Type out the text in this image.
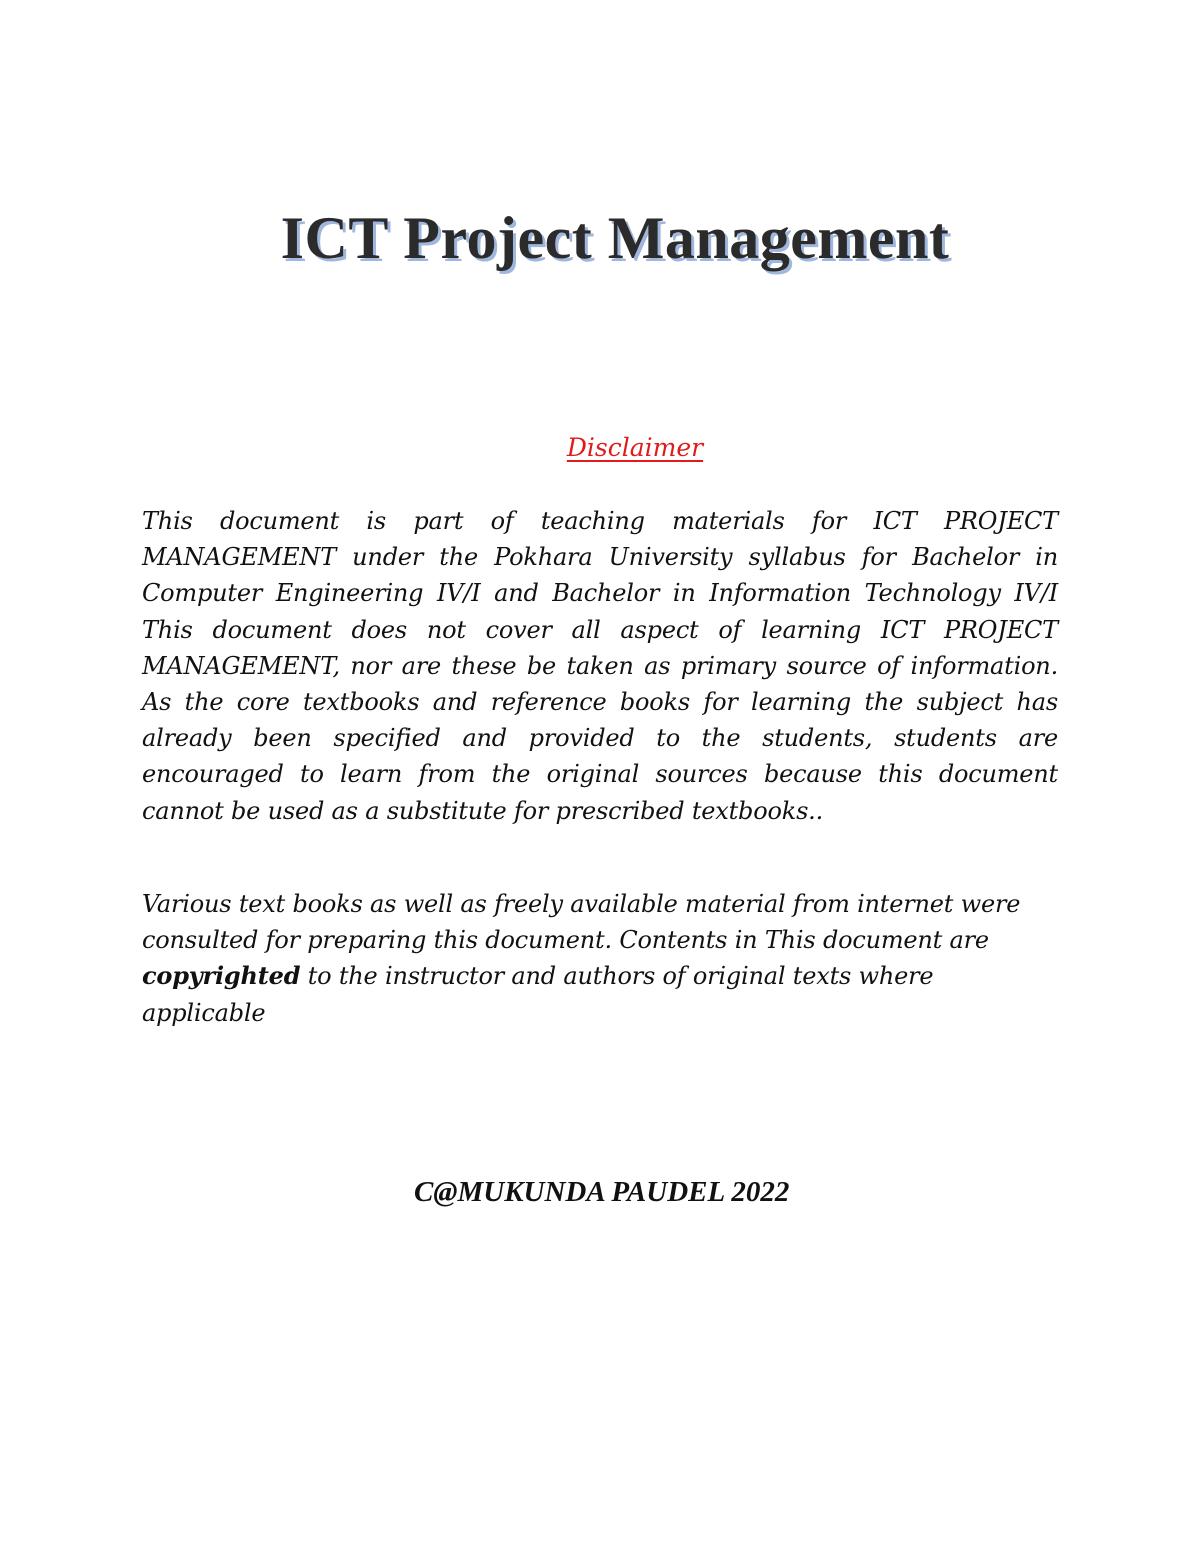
ICT Project Management
Disclaimer

This document is part of teaching materials for ICT PROJECT MANAGEMENT under the Pokhara University syllabus for Bachelor in Computer Engineering IV/I and Bachelor in Information Technology IV/I This document does not cover all aspect of learning ICT PROJECT MANAGEMENT, nor are these be taken as primary source of information. As the core textbooks and reference books for learning the subject has already been specified and provided to the students, students are encouraged to learn from the original sources because this document cannot be used as a substitute for prescribed textbooks..

Various text books as well as freely available material from internet were consulted for preparing this document. Contents in This document are copyrighted to the instructor and authors of original texts where applicable

C@MUKUNDA PAUDEL 2022
